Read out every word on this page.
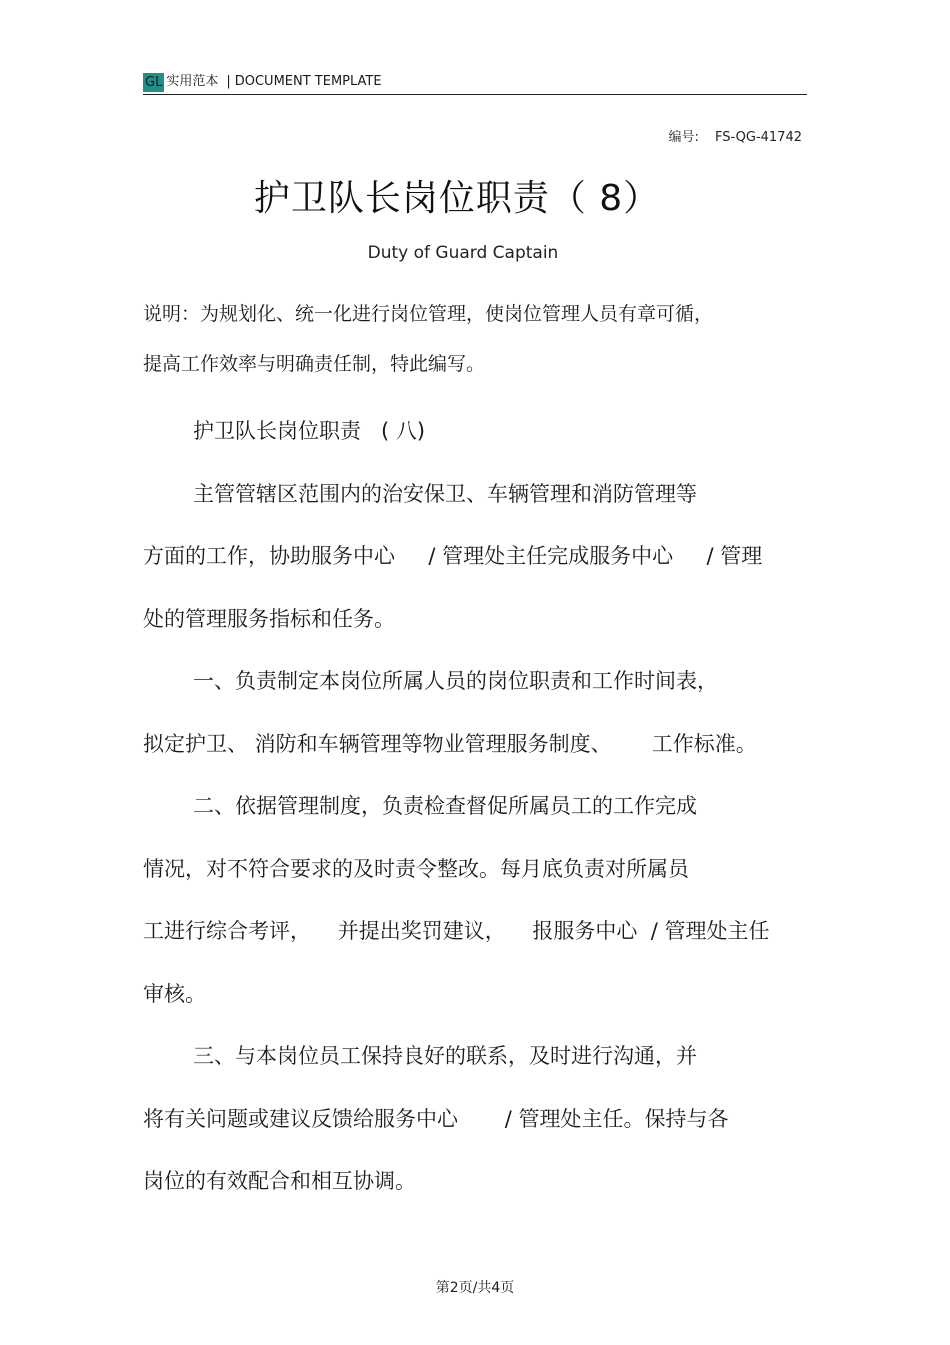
GL 实用范本 | DOCUMENT TEMPLATE
编号: FS-QG-41742
护卫队长岗位职责（ 8）
Duty of Guard Captain
说明：为规划化、统一化进行岗位管理，使岗位管理人员有章可循，
提高工作效率与明确责任制，特此编写。
护卫队长岗位职责   ( 八)
主管管辖区范围内的治安保卫、车辆管理和消防管理等
方面的工作，协助服务中心     / 管理处主任完成服务中心     / 管理
处的管理服务指标和任务。
一、负责制定本岗位所属人员的岗位职责和工作时间表，
拟定护卫、 消防和车辆管理等物业管理服务制度、      工作标准。
二、依据管理制度，负责检查督促所属员工的工作完成
情况，对不符合要求的及时责令整改。每月底负责对所属员
工进行综合考评，    并提出奖罚建议，    报服务中心  / 管理处主任
审核。
三、与本岗位员工保持良好的联系，及时进行沟通，并
将有关问题或建议反馈给服务中心       / 管理处主任。保持与各
岗位的有效配合和相互协调。
第2页/共4页
